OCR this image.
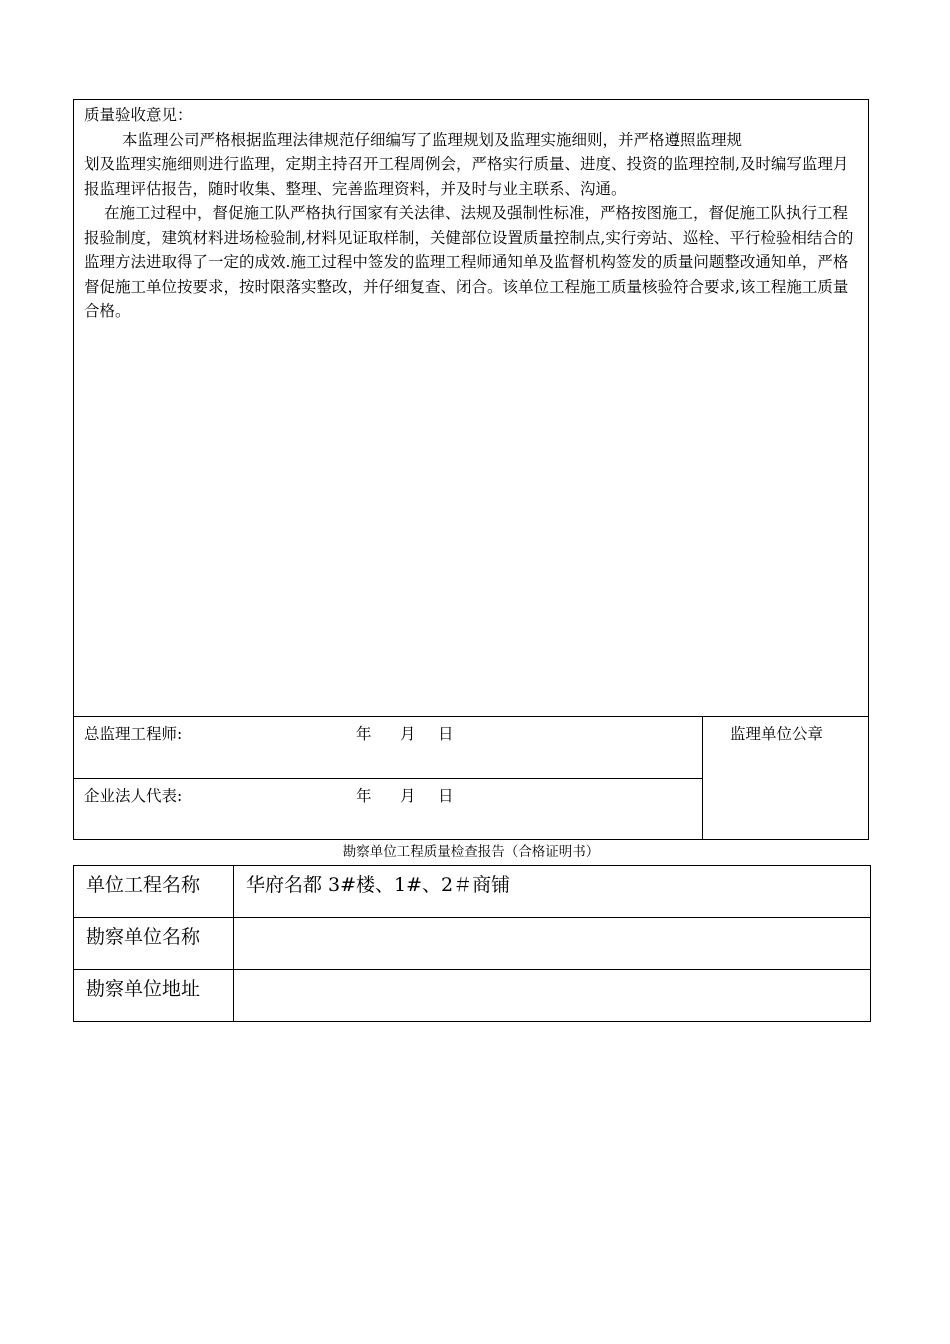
质量验收意见：

本监理公司严格根据监理法律规范仔细编写了监理规划及监理实施细则，并严格遵照监理规

划及监理实施细则进行监理，定期主持召开工程周例会，严格实行质量、进度、投资的监理控制,及时编写监理月报监理评估报告，随时收集、整理、完善监理资料，并及时与业主联系、沟通。

在施工过程中，督促施工队严格执行国家有关法律、法规及强制性标准，严格按图施工，督促施工队执行工程报验制度，建筑材料进场检验制,材料见证取样制，关健部位设置质量控制点,实行旁站、巡栓、平行检验相结合的监理方法进取得了一定的成效.施工过程中签发的监理工程师通知单及监督机构签发的质量问题整改通知单，严格督促施工单位按要求，按时限落实整改，并仔细复查、闭合。该单位工程施工质量核验符合要求,该工程施工质量合格。

总监理工程师:	年 月 日
企业法人代表:	年 月 日
监理单位公章
勘察单位工程质量检查报告（合格证明书）
单位工程名称	华府名都 3#楼、1#、2＃商铺
勘察单位名称	
勘察单位地址	
